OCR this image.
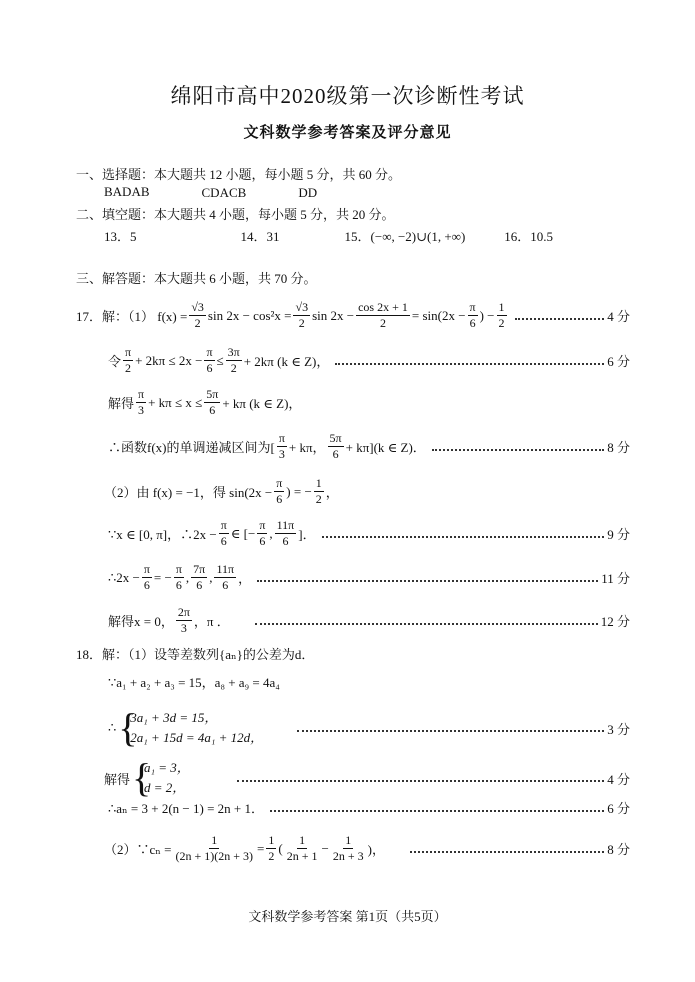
绵阳市高中2020级第一次诊断性考试
文科数学参考答案及评分意见
一、选择题：本大题共 12 小题，每小题 5 分，共 60 分。
BADAB 　　　　CDACB 　　　　DD
二、填空题：本大题共 4 小题，每小题 5 分，共 20 分。
13．5 　　　　　　　　14．31 　　　　　15．(−∞, −2)∪(1, +∞) 　　　16．10.5
三、解答题：本大题共 6 小题，共 70 分。
17．解：（1） $f(x) = \frac{√3}{2}$ $\sin 2x - \cos^2x = \frac{√3}{2}$ $\sin 2x - \frac{\cos 2x + 1}{2} = \sin(2x - \frac{\pi}{6}$ ) − $\frac{1}{2}$	4 分
令 $\frac{\pi}{2} + 2k\pi \le 2x - \frac{\pi}{6} \le \frac{3\pi}{2} + 2k\pi$ (k ∈ Z)，	6 分
解得 $\frac{\pi}{3} + k\pi \le x \le \frac{5\pi}{6} + k\pi$ (k ∈ Z)，
∴函数f(x)的单调递减区间为[ $\frac{\pi}{3} + k\pi$， $\frac{5\pi}{6} + k\pi](k$ ∈ Z)．	8 分
（2）由 f(x) = −1，得 $\sin(2x - \frac{\pi}{6}$ ) = − $\frac{1}{2}$ ，
∵x ∈ [0, π]，∴2x − $\frac{\pi}{6}$ ∈ [− $\frac{\pi}{6}$ , $\frac{11\pi}{6}$ ]．	9 分
∴2x − $\frac{\pi}{6}$ = − $\frac{\pi}{6}$ , $\frac{7\pi}{6}$ , $\frac{11\pi}{6}$ ，	11 分
解得x = 0， $\frac{2\pi}{3}$ ，π ．　　	12 分
18．解：（1）设等差数列{aₙ}的公差为d．
∵a₁ + a₂ + a₃ = 15，a₈ + a₉ = 4a₄
∴ {
3a₁ + 3d = 15，
2a₁ + 15d = 4a₁ + 12d，

3 分
解得 {
a₁ = 3，
d = 2，

4 分
∴aₙ = 3 + 2(n − 1) = 2n + 1．	6 分
（2）∵cₙ = $\frac{1}{(2n + 1)(2n + 3)} = \frac{1}{2}$ ( $\frac{1}{2n + 1} - \frac{1}{2n + 3}$ )，　　	8 分
文科数学参考答案 第1页（共5页）
